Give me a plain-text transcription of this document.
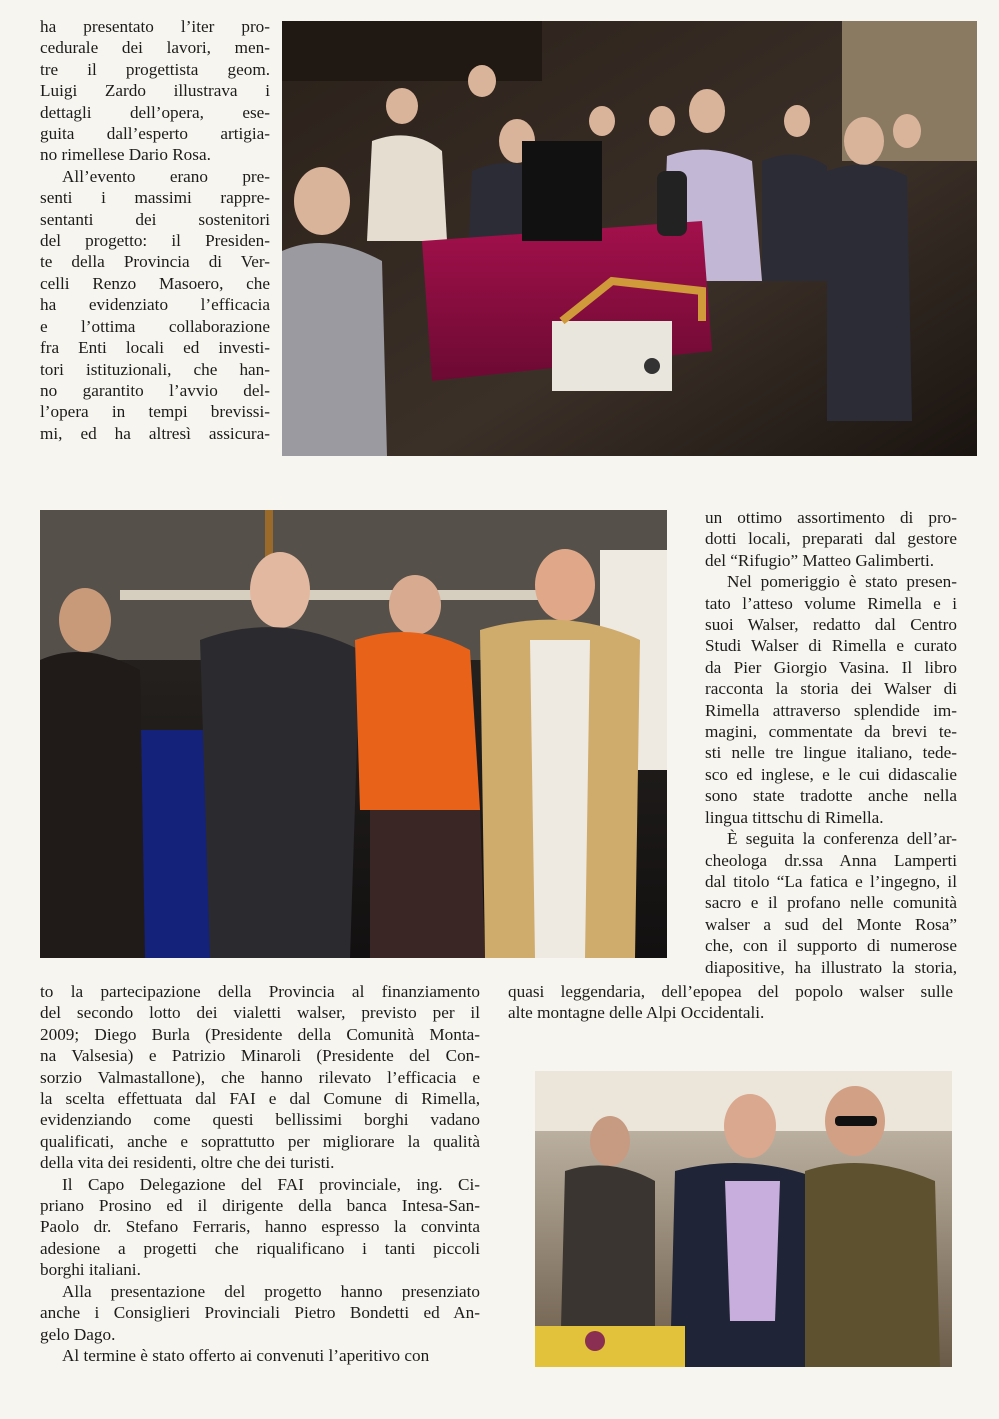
ha presentato l’iter pro-
cedurale dei lavori, men-
tre il progettista geom.
Luigi Zardo illustrava i
dettagli dell’opera, ese-
guita dall’esperto artigia-
no rimellese Dario Rosa.
All’evento erano pre-
senti i massimi rappre-
sentanti dei sostenitori
del progetto: il Presiden-
te della Provincia di Ver-
celli Renzo Masoero, che
ha evidenziato l’efficacia
e l’ottima collaborazione
fra Enti locali ed investi-
tori istituzionali, che han-
no garantito l’avvio del-
l’opera in tempi brevissi-
mi, ed ha altresì assicura-
un ottimo assortimento di pro-
dotti locali, preparati dal gestore
del “Rifugio” Matteo Galimberti.
Nel pomeriggio è stato presen-
tato l’atteso volume Rimella e i
suoi Walser, redatto dal Centro
Studi Walser di Rimella e curato
da Pier Giorgio Vasina. Il libro
racconta la storia dei Walser di
Rimella attraverso splendide im-
magini, commentate da brevi te-
sti nelle tre lingue italiano, tede-
sco ed inglese, e le cui didascalie
sono state tradotte anche nella
lingua tittschu di Rimella.
È seguita la conferenza dell’ar-
cheologa dr.ssa Anna Lamperti
dal titolo “La fatica e l’ingegno, il
sacro e il profano nelle comunità
walser a sud del Monte Rosa”
che, con il supporto di numerose
diapositive, ha illustrato la storia,
quasi leggendaria, dell’epopea del popolo walser sulle
alte montagne delle Alpi Occidentali.
to la partecipazione della Provincia al finanziamento
del secondo lotto dei vialetti walser, previsto per il
2009; Diego Burla (Presidente della Comunità Monta-
na Valsesia) e Patrizio Minaroli (Presidente del Con-
sorzio Valmastallone), che hanno rilevato l’efficacia e
la scelta effettuata dal FAI e dal Comune di Rimella,
evidenziando come questi bellissimi borghi vadano
qualificati, anche e soprattutto per migliorare la qualità
della vita dei residenti, oltre che dei turisti.
Il Capo Delegazione del FAI provinciale, ing. Ci-
priano Prosino ed il dirigente della banca Intesa-San-
Paolo dr. Stefano Ferraris, hanno espresso la convinta
adesione a progetti che riqualificano i tanti piccoli
borghi italiani.
Alla presentazione del progetto hanno presenziato
anche i Consiglieri Provinciali Pietro Bondetti ed An-
gelo Dago.
Al termine è stato offerto ai convenuti l’aperitivo con
